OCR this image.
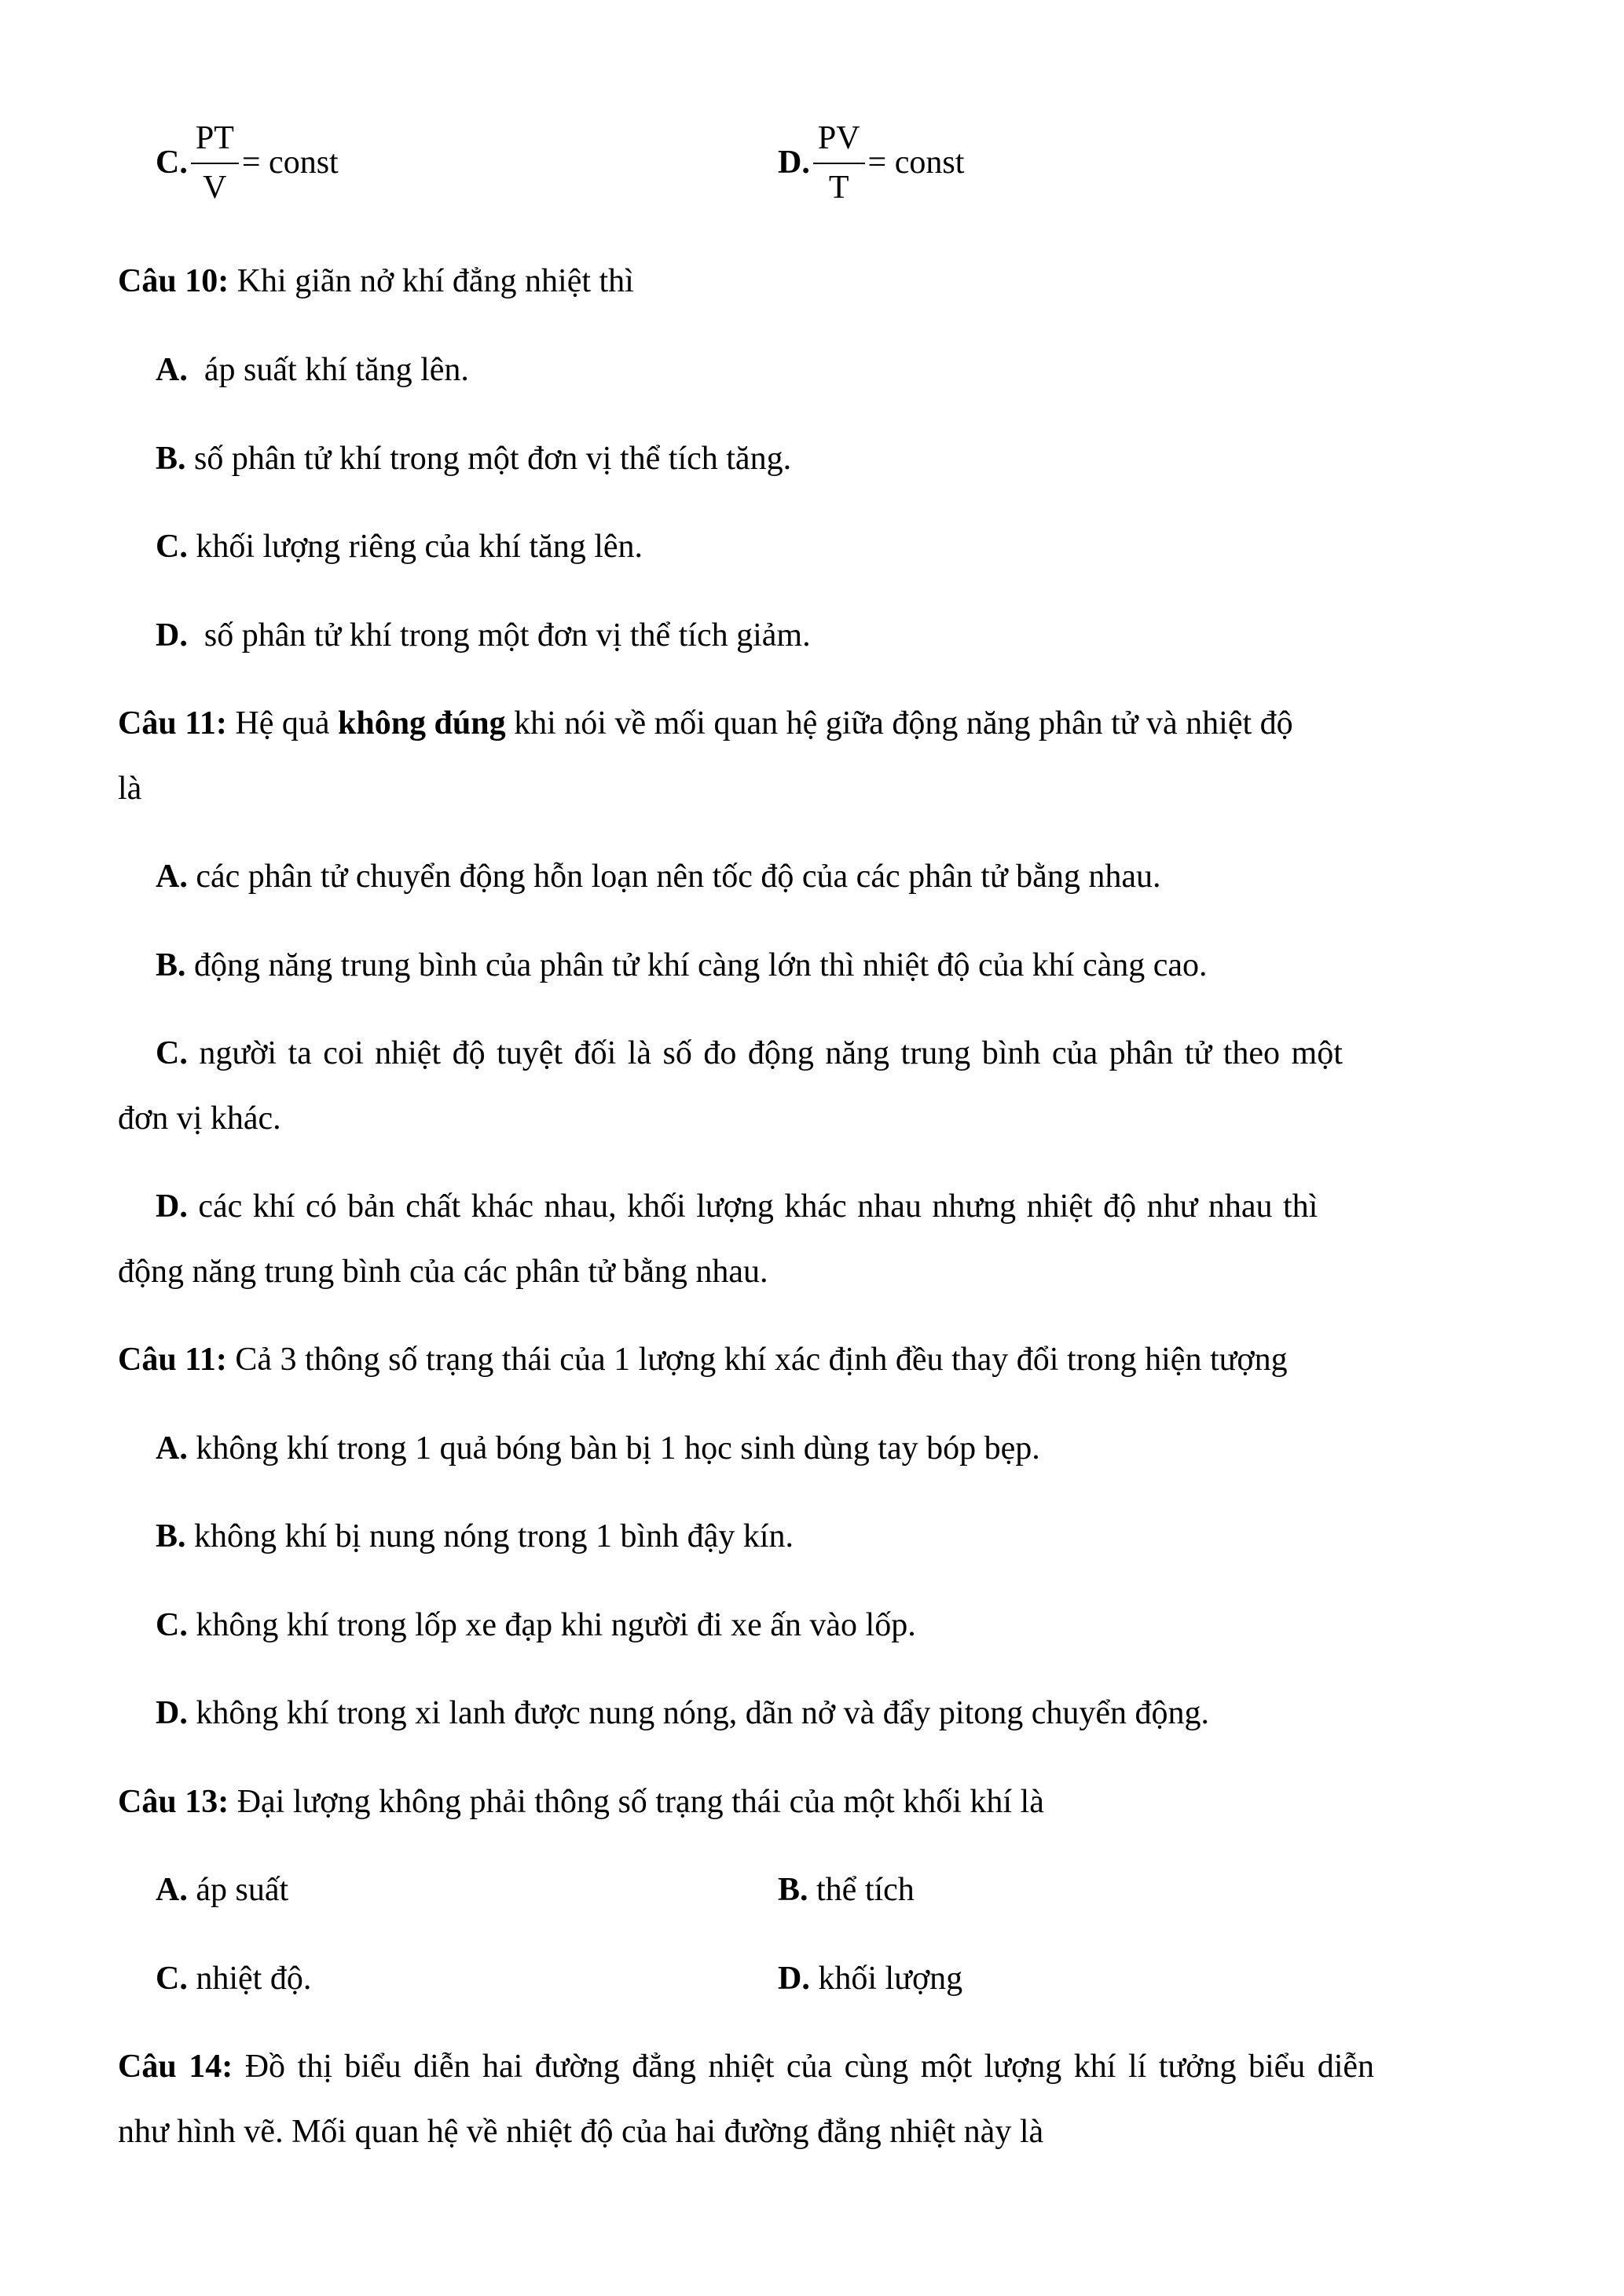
C. $\frac{PT}{V}$ = const	D. $\frac{PV}{T}$ = const
Câu 10: Khi giãn nở khí đẳng nhiệt thì
A. áp suất khí tăng lên.
B. số phân tử khí trong một đơn vị thể tích tăng.
C. khối lượng riêng của khí tăng lên.
D. số phân tử khí trong một đơn vị thể tích giảm.
Câu 11: Hệ quả không đúng khi nói về mối quan hệ giữa động năng phân tử và nhiệt độ
là
A. các phân tử chuyển động hỗn loạn nên tốc độ của các phân tử bằng nhau.
B. động năng trung bình của phân tử khí càng lớn thì nhiệt độ của khí càng cao.
C. người ta coi nhiệt độ tuyệt đối là số đo động năng trung bình của phân tử theo một
đơn vị khác.
D. các khí có bản chất khác nhau, khối lượng khác nhau nhưng nhiệt độ như nhau thì
động năng trung bình của các phân tử bằng nhau.
Câu 11: Cả 3 thông số trạng thái của 1 lượng khí xác định đều thay đổi trong hiện tượng
A. không khí trong 1 quả bóng bàn bị 1 học sinh dùng tay bóp bẹp.
B. không khí bị nung nóng trong 1 bình đậy kín.
C. không khí trong lốp xe đạp khi người đi xe ấn vào lốp.
D. không khí trong xi lanh được nung nóng, dãn nở và đẩy pitong chuyển động.
Câu 13: Đại lượng không phải thông số trạng thái của một khối khí là
A. áp suất	B. thể tích
C. nhiệt độ.	D. khối lượng
Câu 14: Đồ thị biểu diễn hai đường đẳng nhiệt của cùng một lượng khí lí tưởng biểu diễn
như hình vẽ. Mối quan hệ về nhiệt độ của hai đường đẳng nhiệt này là
